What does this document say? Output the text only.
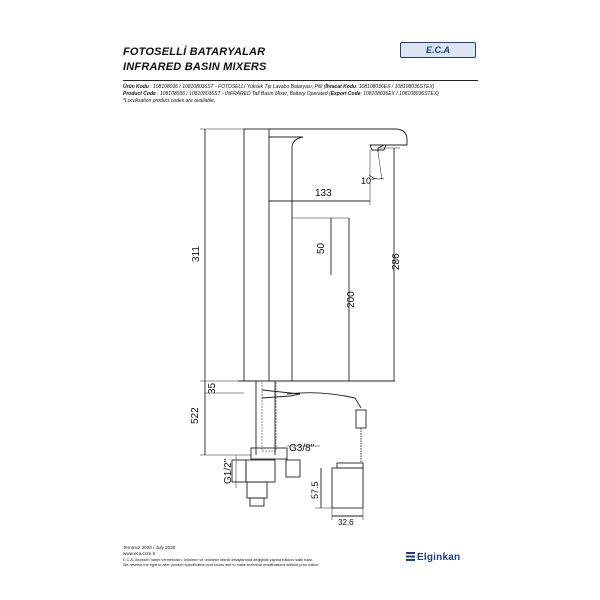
FOTOSELLİ BATARYALAR
INFRARED BASIN MIXERS
E.C.A
Ürün Kodu : 108108036 / 108108036ST - FOTOSELLİ Yüksek Tip Lavabo Bataryası, Pilli (İhracat Kodu: 108108036EX / 108108036STEX)
Product Code : 108108036 / 108108036ST - INFRARED Tall Basin Mixer, Battery Operated (Export Code: 108108036EX / 108108036STEX)
*Localisation product codes are available.
311
522
35
133
10°
50
200
286
G3/8"
G1/2"
57.5
32.6
Temmuz 2020 / July 2020
www.eca.com.tr
E.C.A. önceden haber vermeksizin, ürünlerin ve ürünlerin teknik detaylarında değişiklik yapma hakkını saklı tutar.
We reserve the right to alter product specification and colors and to make technical modifications without prior notice.
Elginkan
